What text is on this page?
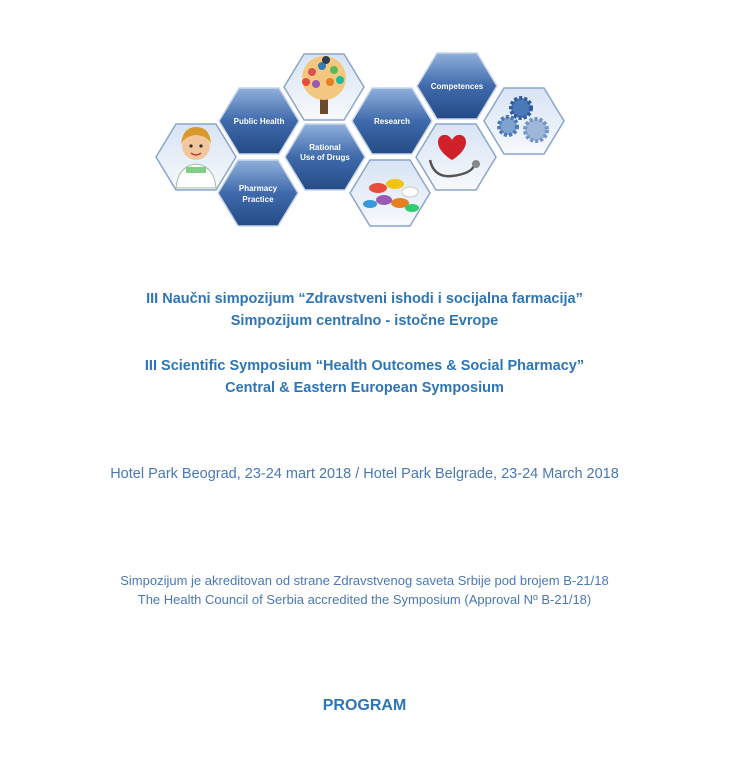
Public Health	Research
Competences
Pharmacy Practice
Rational Use of Drugs
III Naučni simpozijum “Zdravstveni ishodi i socijalna farmacija”
Simpozijum centralno - istočne Evrope
III Scientific Symposium “Health Outcomes & Social Pharmacy”
Central & Eastern European Symposium
Hotel Park Beograd, 23-24 mart 2018 / Hotel Park Belgrade, 23-24 March 2018
Simpozijum je akreditovan od strane Zdravstvenog saveta Srbije pod brojem B-21/18
The Health Council of Serbia accredited the Symposium (Approval Nº B-21/18)
PROGRAM
